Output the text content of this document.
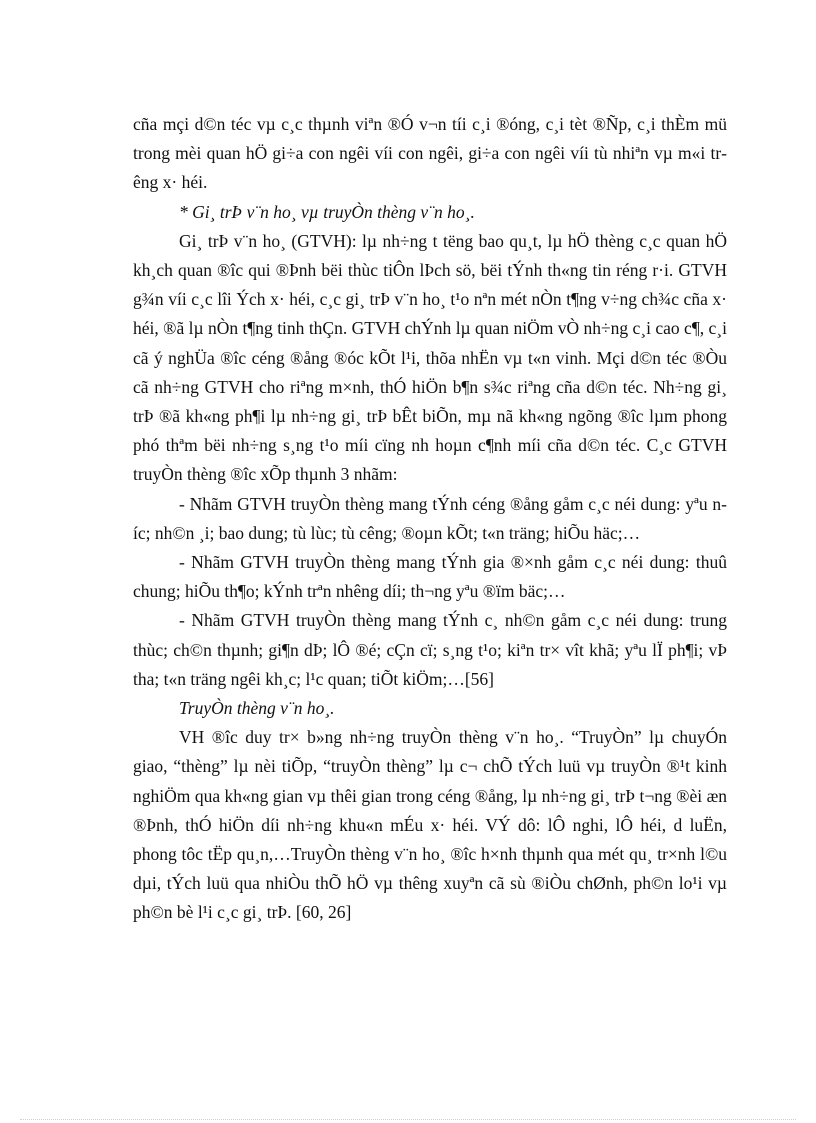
cña mçi d©n téc vµ c¸c thµnh viªn ®Ó v¬n tíi c¸i ®óng, c¸i tèt ®Ñp, c¸i thÈm mü trong mèi quan hÖ gi÷a con ngêi víi con ngêi, gi÷a con ngêi víi tù nhiªn vµ m«i trêng x· héi.

* Gi¸ trÞ v¨n ho¸ vµ truyÒn thèng v¨n ho¸.

Gi¸ trÞ v¨n ho¸ (GTVH): lµ nh÷ng t tëng bao qu¸t, lµ hÖ thèng c¸c quan hÖ kh¸ch quan ®îc qui ®Þnh bëi thùc tiÔn lÞch sö, bëi tÝnh th«ng tin réng r·i. GTVH g¾n víi c¸c lîi Ých x· héi, c¸c gi¸ trÞ v¨n ho¸ t¹o nªn mét nÒn t¶ng v÷ng ch¾c cña x· héi, ®ã lµ nÒn t¶ng tinh thÇn. GTVH chÝnh lµ quan niÖm vÒ nh÷ng c¸i cao c¶, c¸i cã ý nghÜa ®îc céng ®ång ®óc kÕt l¹i, thõa nhËn vµ t«n vinh. Mçi d©n téc ®Òu cã nh÷ng GTVH cho riªng m×nh, thÓ hiÖn b¶n s¾c riªng cña d©n téc. Nh÷ng gi¸ trÞ ®ã kh«ng ph¶i lµ nh÷ng gi¸ trÞ bÊt biÕn, mµ nã kh«ng ngõng ®îc lµm phong phó thªm bëi nh÷ng s¸ng t¹o míi cïng nh hoµn c¶nh míi cña d©n téc. C¸c GTVH truyÒn thèng ®îc xÕp thµnh 3 nhãm:

- Nhãm GTVH truyÒn thèng mang tÝnh céng ®ång gåm c¸c néi dung: yªu níc; nh©n ¸i; bao dung; tù lùc; tù cêng; ®oµn kÕt; t«n träng; hiÕu häc;…

- Nhãm GTVH truyÒn thèng mang tÝnh gia ®×nh gåm c¸c néi dung: thuû chung; hiÕu th¶o; kÝnh trªn nhêng díi; th¬ng yªu ®ïm bäc;…

- Nhãm GTVH truyÒn thèng mang tÝnh c¸ nh©n gåm c¸c néi dung: trung thùc; ch©n thµnh; gi¶n dÞ; lÔ ®é; cÇn cï; s¸ng t¹o; kiªn tr× vît khã; yªu lÏ ph¶i; vÞ tha; t«n träng ngêi kh¸c; l¹c quan; tiÕt kiÖm;…[56]

TruyÒn thèng v¨n ho¸.

VH ®îc duy tr× b»ng nh÷ng truyÒn thèng v¨n ho¸. “TruyÒn” lµ chuyÓn giao, “thèng” lµ nèi tiÕp, “truyÒn thèng” lµ c¬ chÕ tÝch luü vµ truyÒn ®¹t kinh nghiÖm qua kh«ng gian vµ thêi gian trong céng ®ång, lµ nh÷ng gi¸ trÞ t¬ng ®èi æn ®Þnh, thÓ hiÖn díi nh÷ng khu«n mÉu x· héi. VÝ dô: lÔ nghi, lÔ héi, d luËn, phong tôc tËp qu¸n,…TruyÒn thèng v¨n ho¸ ®îc h×nh thµnh qua mét qu¸ tr×nh l©u dµi, tÝch luü qua nhiÒu thÕ hÖ vµ thêng xuyªn cã sù ®iÒu chØnh, ph©n lo¹i vµ ph©n bè l¹i c¸c gi¸ trÞ. [60, 26]
